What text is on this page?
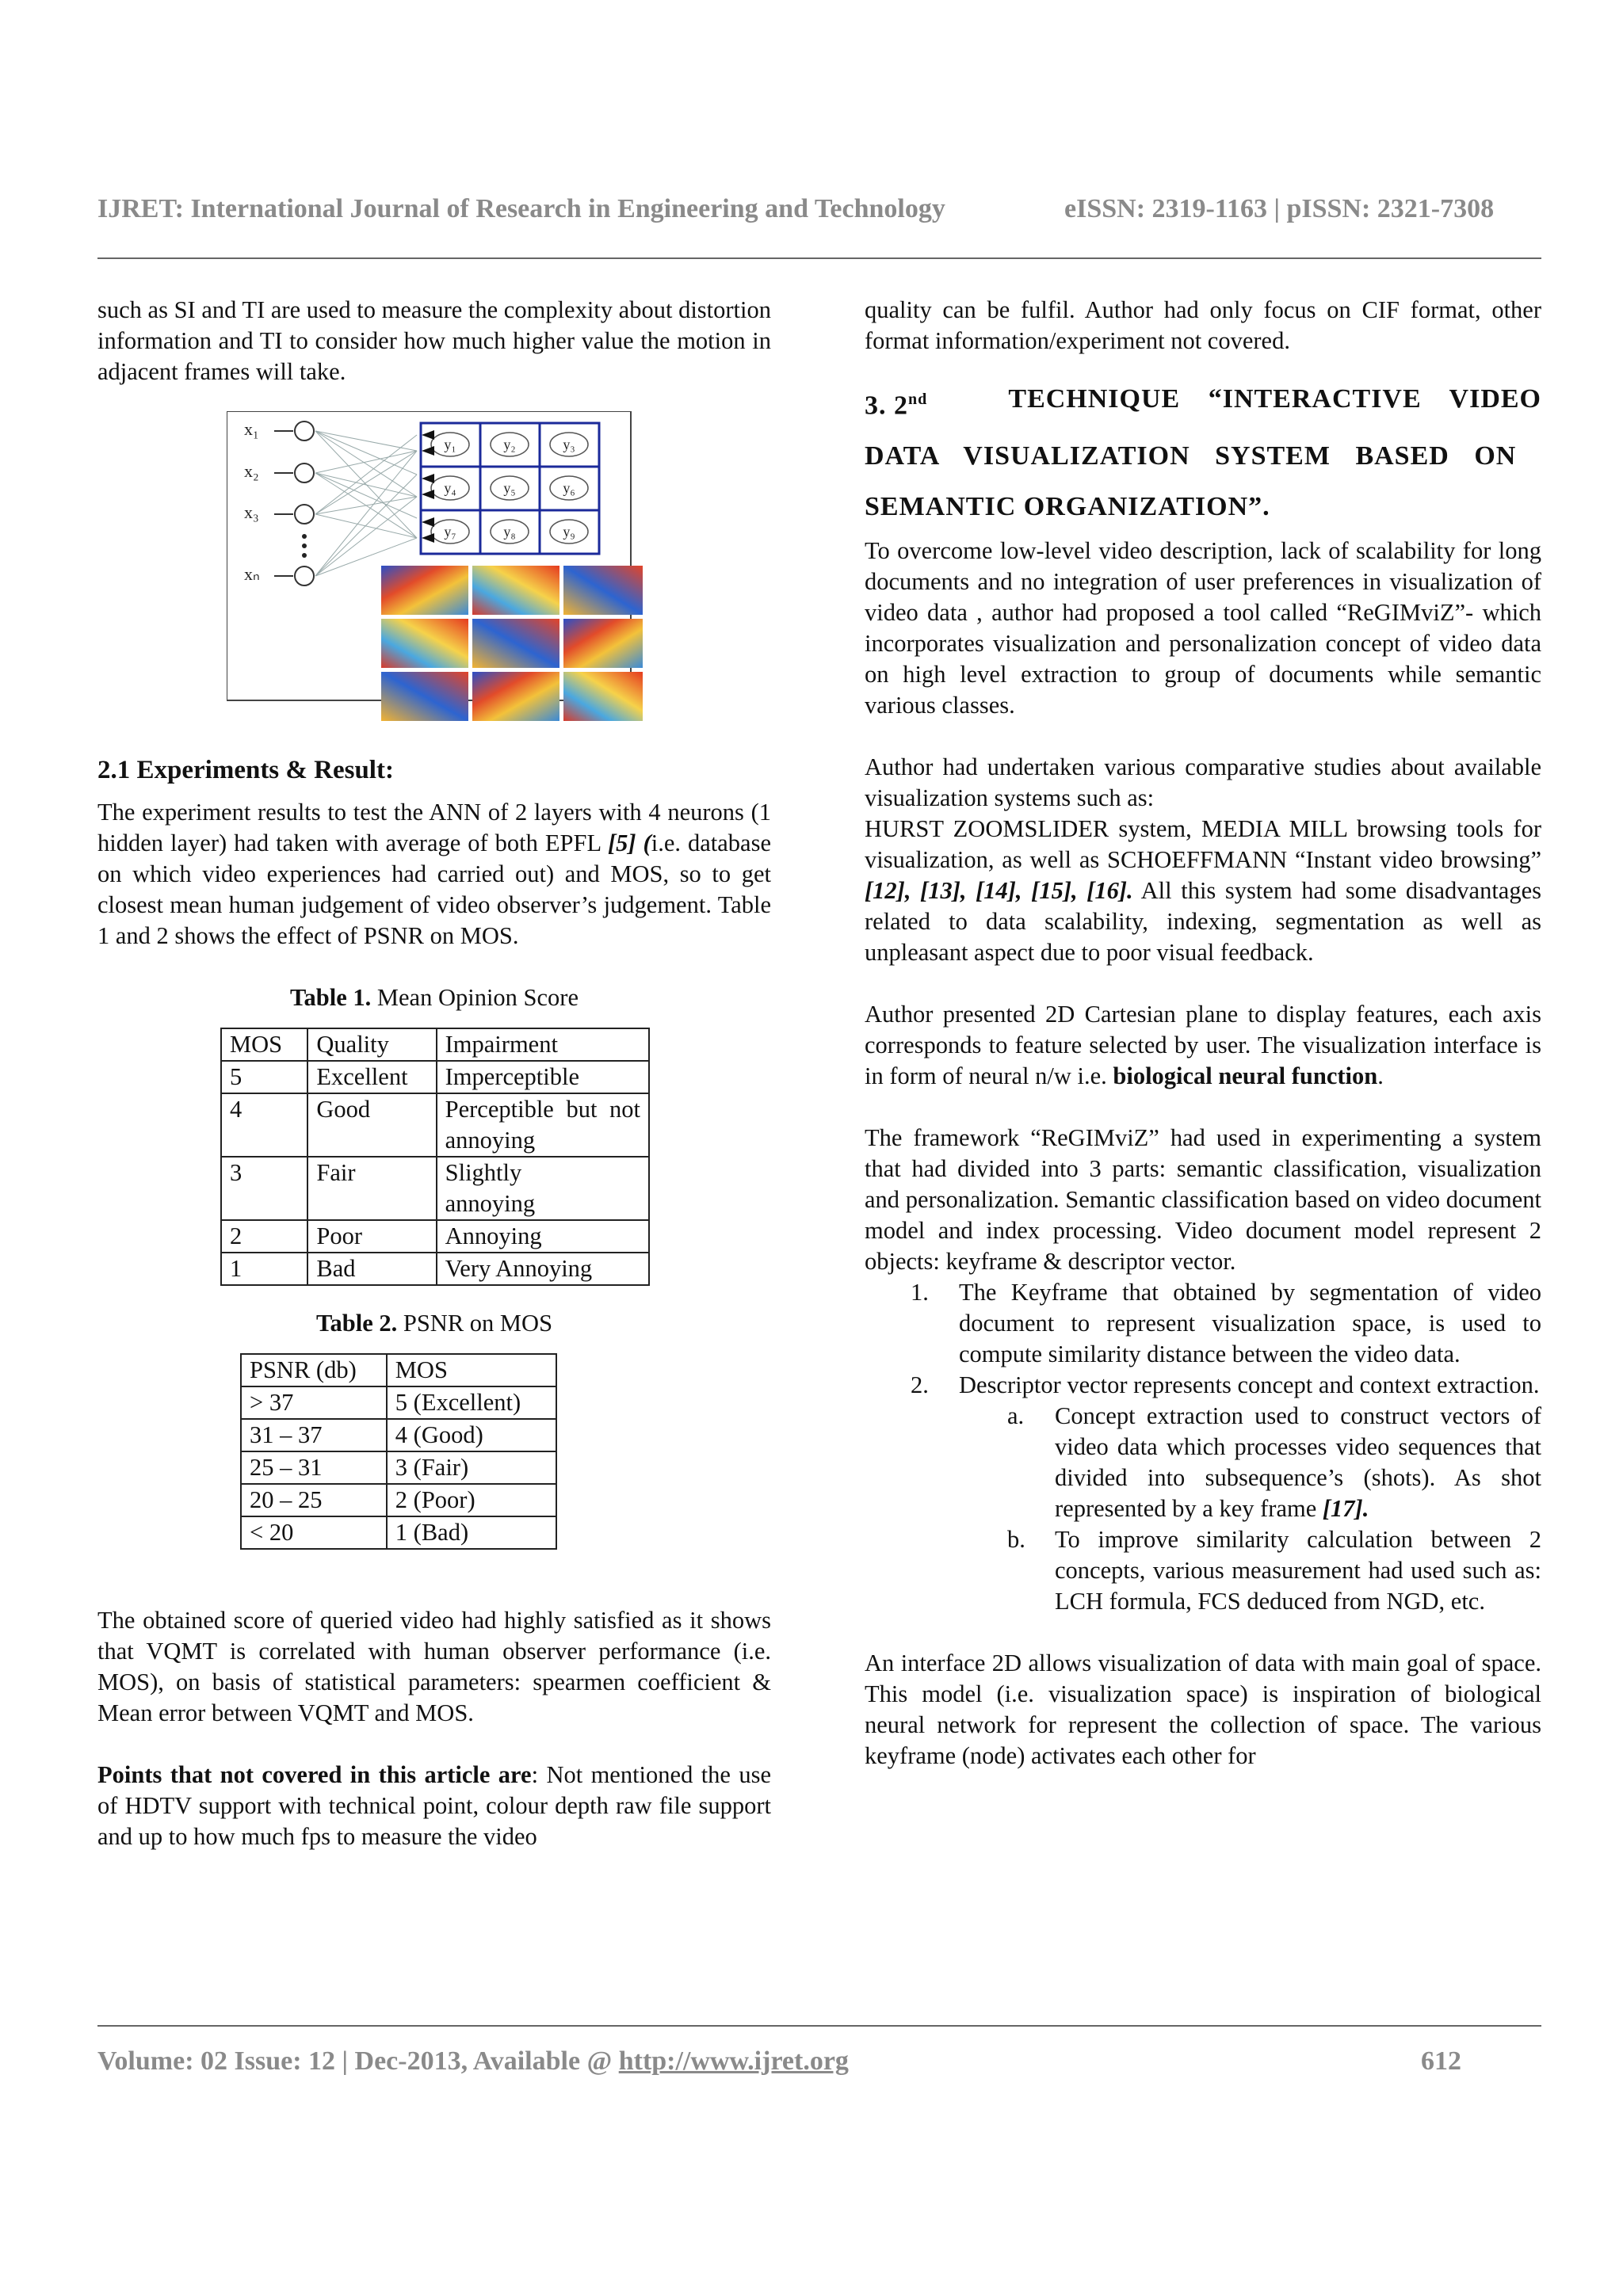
IJRET: International Journal of Research in Engineering and Technology	eISSN: 2319-1163 | pISSN: 2321-7308

such as SI and TI are used to measure the complexity about distortion information and TI to consider how much higher value the motion in adjacent frames will take.

x₁
x₂
x₃
xₙ
y₁	y₂	y₃
y₄	y₅	y₆
y₇	y₈	y₉
2.1 Experiments & Result:

The experiment results to test the ANN of 2 layers with 4 neurons (1 hidden layer) had taken with average of both EPFL [5] (i.e. database on which video experiences had carried out) and MOS, so to get closest mean human judgement of video observer’s judgement. Table 1 and 2 shows the effect of PSNR on MOS.

Table 1. Mean Opinion Score

MOS	Quality	Impairment
5	Excellent	Imperceptible
4	Good	Perceptible but not annoying
3	Fair	Slightly annoying
2	Poor	Annoying
1	Bad	Very Annoying

Table 2. PSNR on MOS

PSNR (db)	MOS
> 37	5 (Excellent)
31 – 37	4 (Good)
25 – 31	3 (Fair)
20 – 25	2 (Poor)
< 20	1 (Bad)

The obtained score of queried video had highly satisfied as it shows that VQMT is correlated with human observer performance (i.e. MOS), on basis of statistical parameters: spearmen coefficient & Mean error between VQMT and MOS.

Points that not covered in this article are: Not mentioned the use of HDTV support with technical point, colour depth raw file support and up to how much fps to measure the video

quality can be fulfil. Author had only focus on CIF format, other format information/experiment not covered.

3. 2nd	TECHNIQUE “INTERACTIVE VIDEO
DATA VISUALIZATION SYSTEM BASED ON
SEMANTIC ORGANIZATION”.

To overcome low-level video description, lack of scalability for long documents and no integration of user preferences in visualization of video data , author had proposed a tool called “ReGIMviZ”- which incorporates visualization and personalization concept of video data on high level extraction to group of documents while semantic various classes.

Author had undertaken various comparative studies about available visualization systems such as:

HURST ZOOMSLIDER system, MEDIA MILL browsing tools for visualization, as well as SCHOEFFMANN “Instant video browsing” [12], [13], [14], [15], [16]. All this system had some disadvantages related to data scalability, indexing, segmentation as well as unpleasant aspect due to poor visual feedback.

Author presented 2D Cartesian plane to display features, each axis corresponds to feature selected by user. The visualization interface is in form of neural n/w i.e. biological neural function.

The framework “ReGIMviZ” had used in experimenting a system that had divided into 3 parts: semantic classification, visualization and personalization. Semantic classification based on video document model and index processing. Video document model represent 2 objects: keyframe & descriptor vector.

1. The Keyframe that obtained by segmentation of video document to represent visualization space, is used to compute similarity distance between the video data.
2. Descriptor vector represents concept and context extraction.
a. Concept extraction used to construct vectors of video data which processes video sequences that divided into subsequence’s (shots). As shot represented by a key frame [17].
b. To improve similarity calculation between 2 concepts, various measurement had used such as: LCH formula, FCS deduced from NGD, etc.

An interface 2D allows visualization of data with main goal of space. This model (i.e. visualization space) is inspiration of biological neural network for represent the collection of space. The various keyframe (node) activates each other for

Volume: 02 Issue: 12 | Dec-2013, Available @ http://www.ijret.org	612
